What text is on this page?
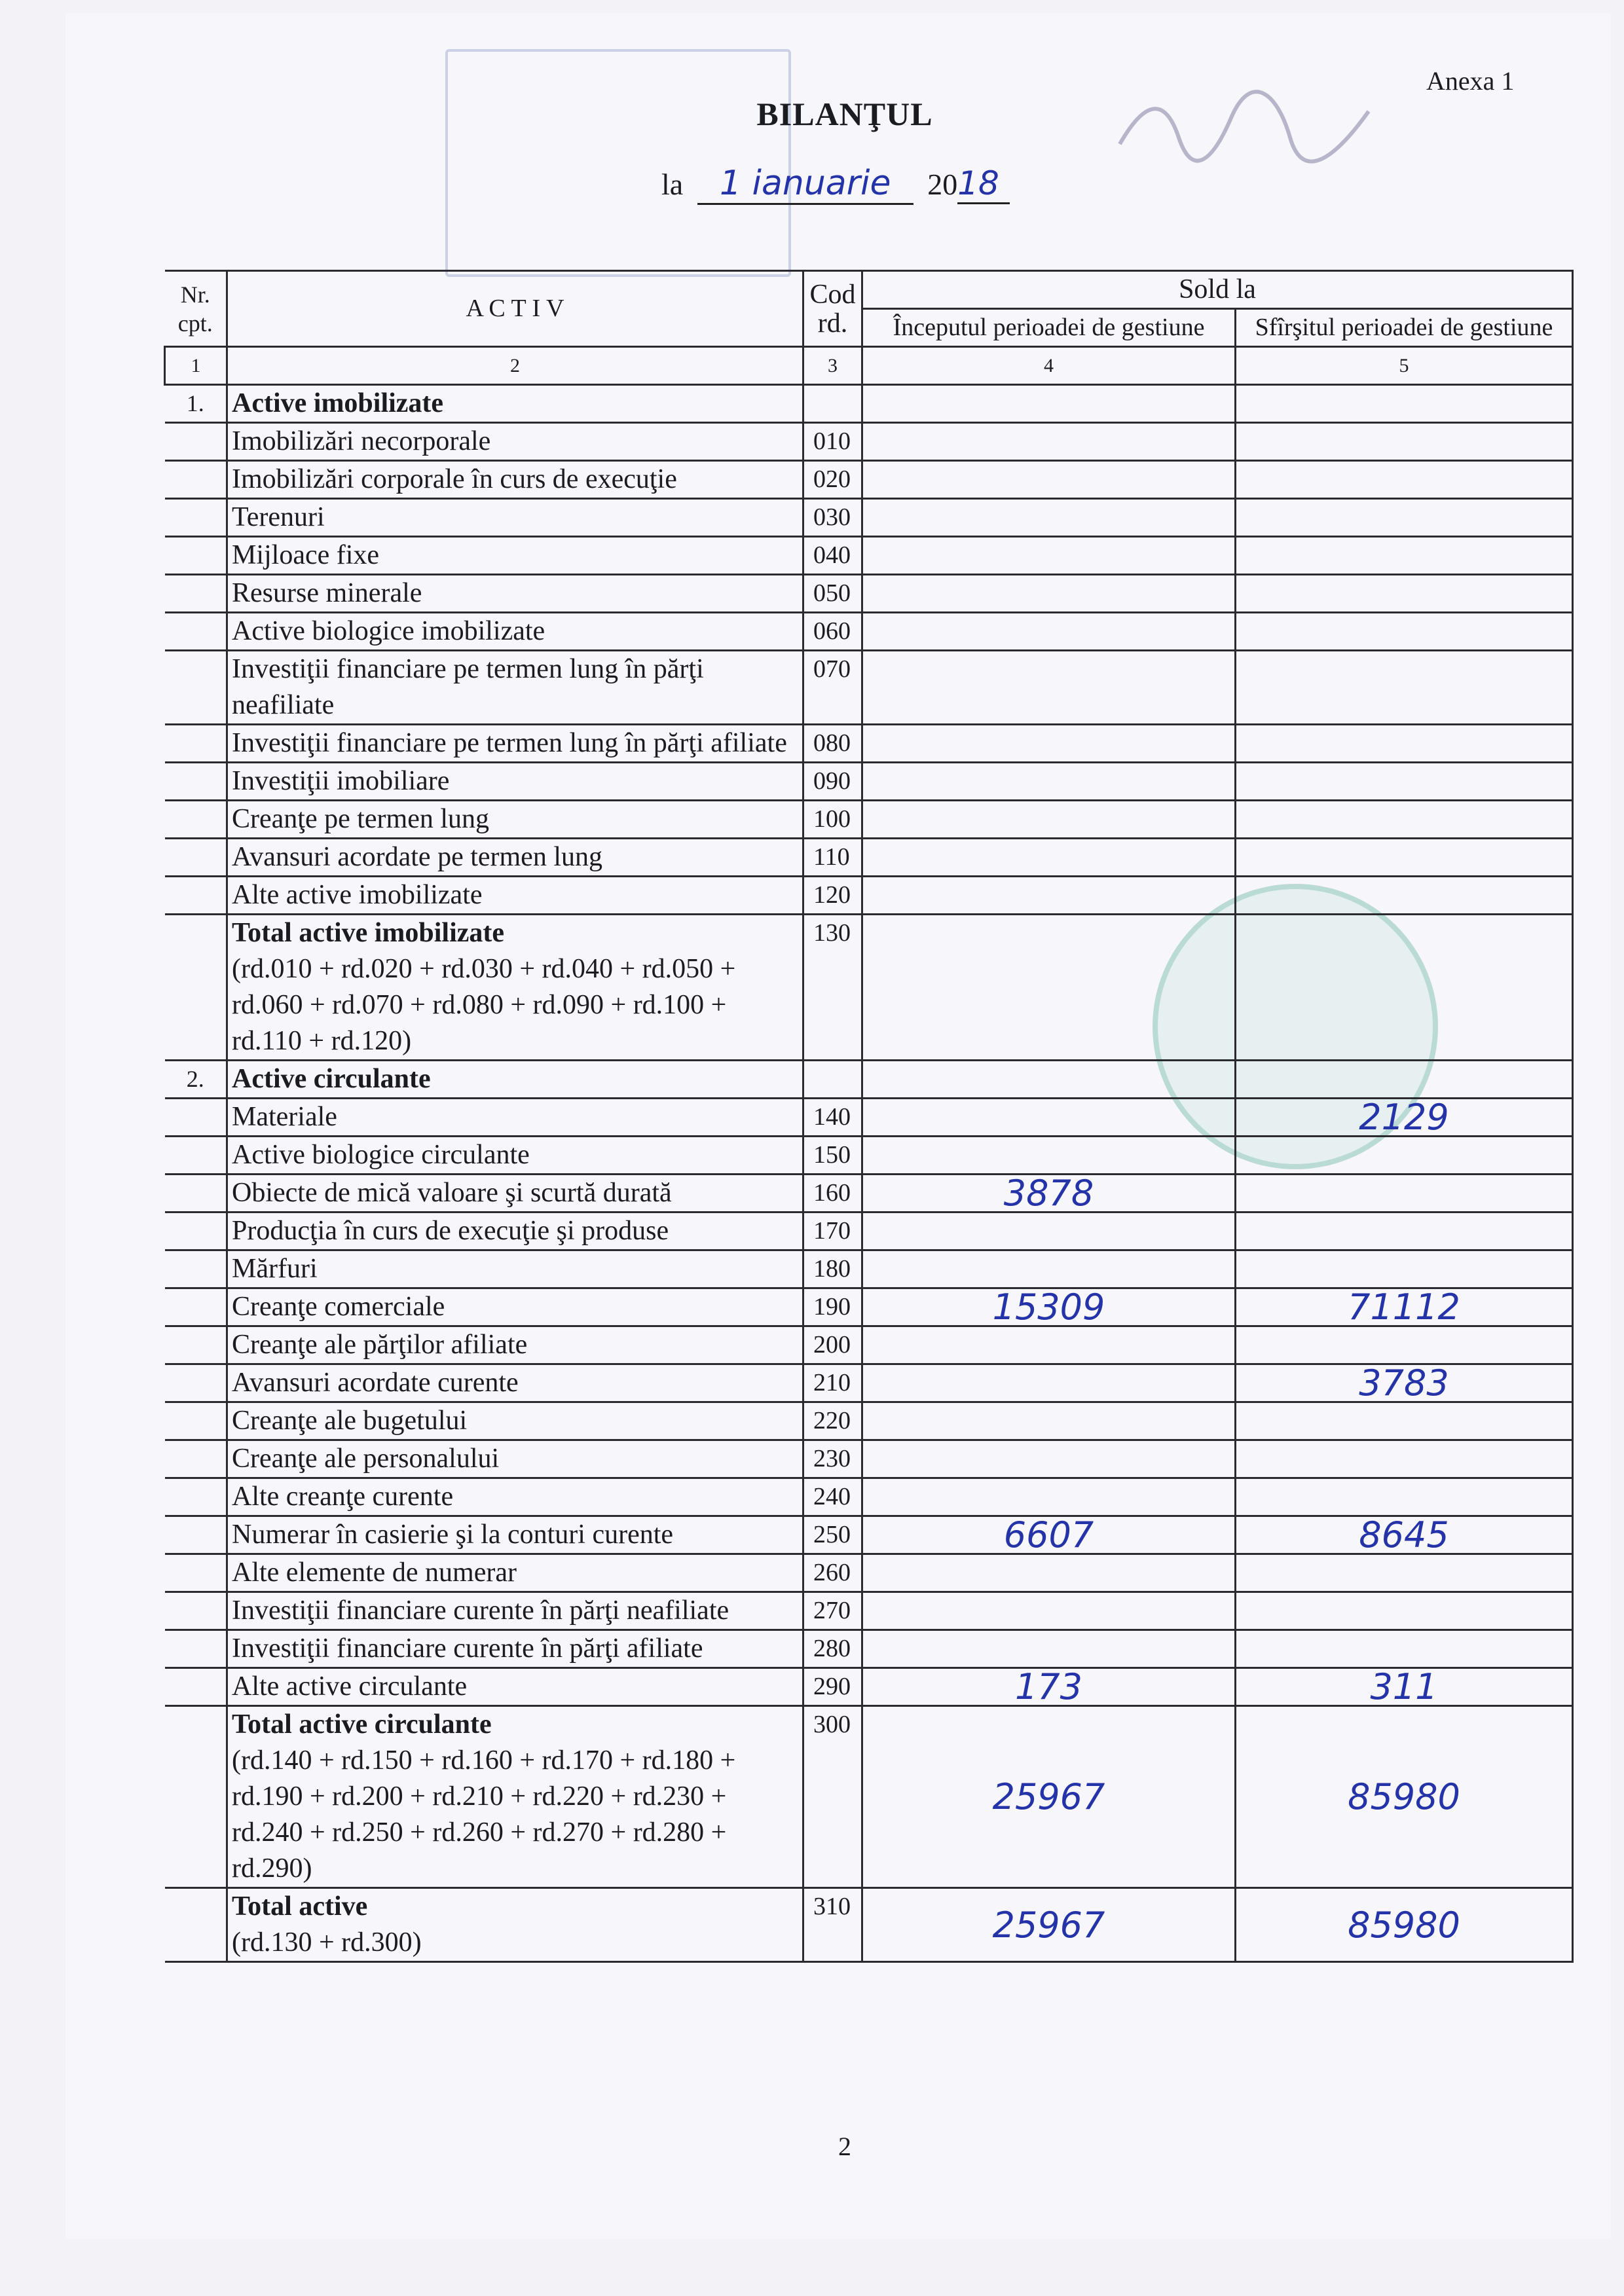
Anexa 1
BILANŢUL
la 1 ianuarie 2018
Nr. cpt.	A C T I V	Cod rd.	Sold la	
			Începutul perioadei de gestiune	Sfîrşitul perioadei de gestiune
1	2	3	4	5
1.	Active imobilizate			
	Imobilizări necorporale	010		
	Imobilizări corporale în curs de execuţie	020		
	Terenuri	030		
	Mijloace fixe	040		
	Resurse minerale	050		
	Active biologice imobilizate	060		
	Investiţii financiare pe termen lung în părţi neafiliate	070		
	Investiţii financiare pe termen lung în părţi afiliate	080		
	Investiţii imobiliare	090		
	Creanţe pe termen lung	100		
	Avansuri acordate pe termen lung	110		
	Alte active imobilizate	120		
	Total active imobilizate
(rd.010 + rd.020 + rd.030 + rd.040 + rd.050 + rd.060 + rd.070 + rd.080 + rd.090 + rd.100 + rd.110 + rd.120)	130		
2.	Active circulante			
	Materiale	140		2129
	Active biologice circulante	150		
	Obiecte de mică valoare şi scurtă durată	160	3878	
	Producţia în curs de execuţie şi produse	170		
	Mărfuri	180		
	Creanţe comerciale	190	15309	71112
	Creanţe ale părţilor afiliate	200		
	Avansuri acordate curente	210		3783
	Creanţe ale bugetului	220		
	Creanţe ale personalului	230		
	Alte creanţe curente	240		
	Numerar în casierie şi la conturi curente	250	6607	8645
	Alte elemente de numerar	260		
	Investiţii financiare curente în părţi neafiliate	270		
	Investiţii financiare curente în părţi afiliate	280		
	Alte active circulante	290	173	311
	Total active circulante
(rd.140 + rd.150 + rd.160 + rd.170 + rd.180 + rd.190 + rd.200 + rd.210 + rd.220 + rd.230 + rd.240 + rd.250 + rd.260 + rd.270 + rd.280 + rd.290)	300	25967	85980
	Total active
(rd.130 + rd.300)	310	25967	85980
2
